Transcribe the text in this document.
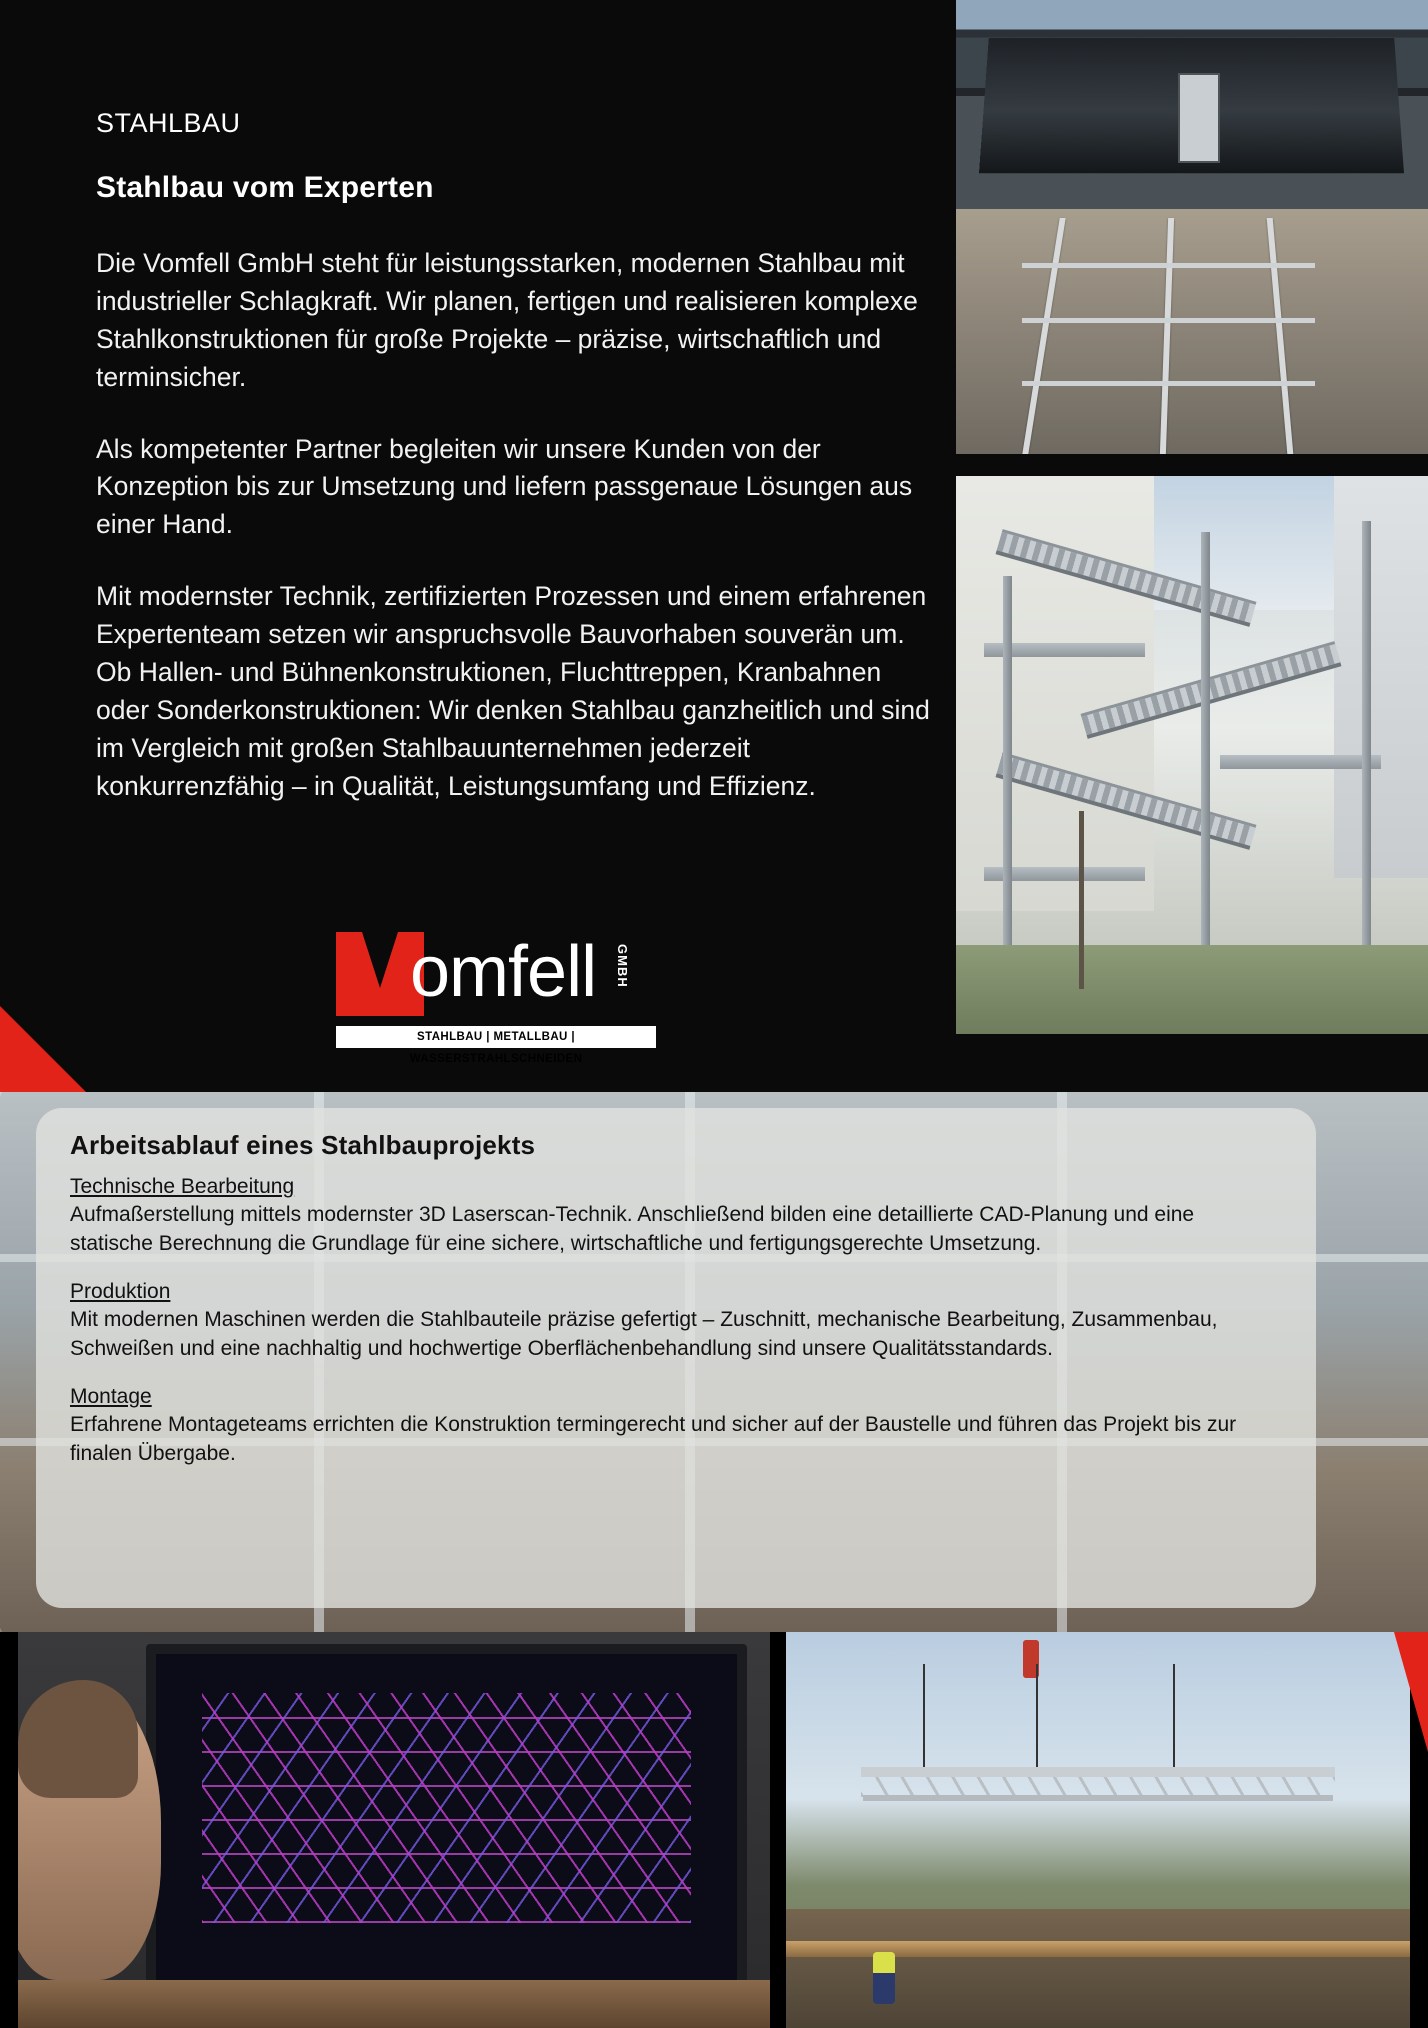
STAHLBAU
Stahlbau vom Experten

Die Vomfell GmbH steht für leistungsstarken, modernen Stahlbau mit industrieller Schlagkraft. Wir planen, fertigen und realisieren komplexe Stahlkonstruktionen für große Projekte – präzise, wirtschaftlich und terminsicher.

Als kompetenter Partner begleiten wir unsere Kunden von der Konzeption bis zur Umsetzung und liefern passgenaue Lösungen aus einer Hand.

Mit modernster Technik, zertifizierten Prozessen und einem erfahrenen Expertenteam setzen wir anspruchsvolle Bauvorhaben souverän um. Ob Hallen- und Bühnenkonstruktionen, Fluchttreppen, Kranbahnen oder Sonderkonstruktionen: Wir denken Stahlbau ganzheitlich und sind im Vergleich mit großen Stahlbauunternehmen jederzeit konkurrenzfähig – in Qualität, Leistungsumfang und Effizienz.

omfell GMBH
STAHLBAU | METALLBAU | WASSERSTRAHLSCHNEIDEN
Arbeitsablauf eines Stahlbauprojekts
Technische Bearbeitung

Aufmaßerstellung mittels modernster 3D Laserscan-Technik. Anschließend bilden eine detaillierte CAD-Planung und eine statische Berechnung die Grundlage für eine sichere, wirtschaftliche und fertigungsgerechte Umsetzung.

Produktion

Mit modernen Maschinen werden die Stahlbauteile präzise gefertigt – Zuschnitt, mechanische Bearbeitung, Zusammenbau, Schweißen und eine nachhaltig und hochwertige Oberflächenbehandlung sind unsere Qualitätsstandards.

Montage

Erfahrene Montageteams errichten die Konstruktion termingerecht und sicher auf der Baustelle und führen das Projekt bis zur finalen Übergabe.
